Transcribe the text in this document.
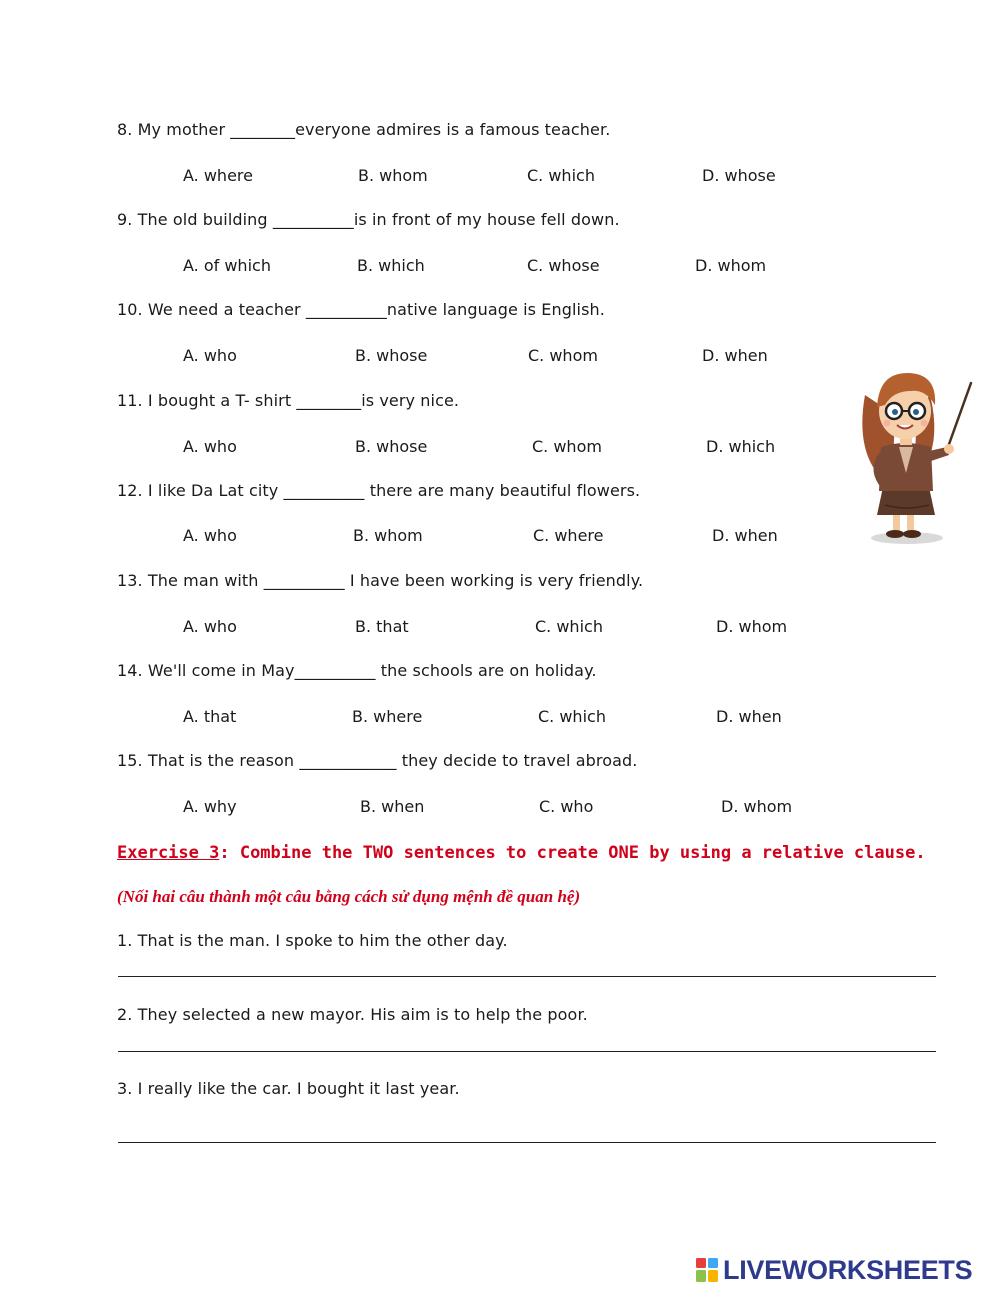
8. My mother ________everyone admires is a famous teacher.
A. where	B. whom	C. which	D. whose
9. The old building __________is in front of my house fell down.
A. of which	B. which	C. whose	D. whom
10. We need a teacher __________native language is English.
A. who	B. whose	C. whom	D. when
11. I bought a T- shirt ________is very nice.
A. who	B. whose	C. whom	D. which
12. I like Da Lat city __________ there are many beautiful flowers.
A. who	B. whom	C. where	D. when
13. The man with __________ I have been working is very friendly.
A. who	B. that	C. which	D. whom
14. We'll come in May__________ the schools are on holiday.
A. that	B. where	C. which	D. when
15. That is the reason ____________ they decide to travel abroad.
A. why	B. when	C. who	D. whom
Exercise 3: Combine the TWO sentences to create ONE by using a relative clause.
(Nối hai câu thành một câu bằng cách sử dụng mệnh đề quan hệ)
1. That is the man. I spoke to him the other day.
2. They selected a new mayor. His aim is to help the poor.
3. I really like the car. I bought it last year.
LIVEWORKSHEETS
